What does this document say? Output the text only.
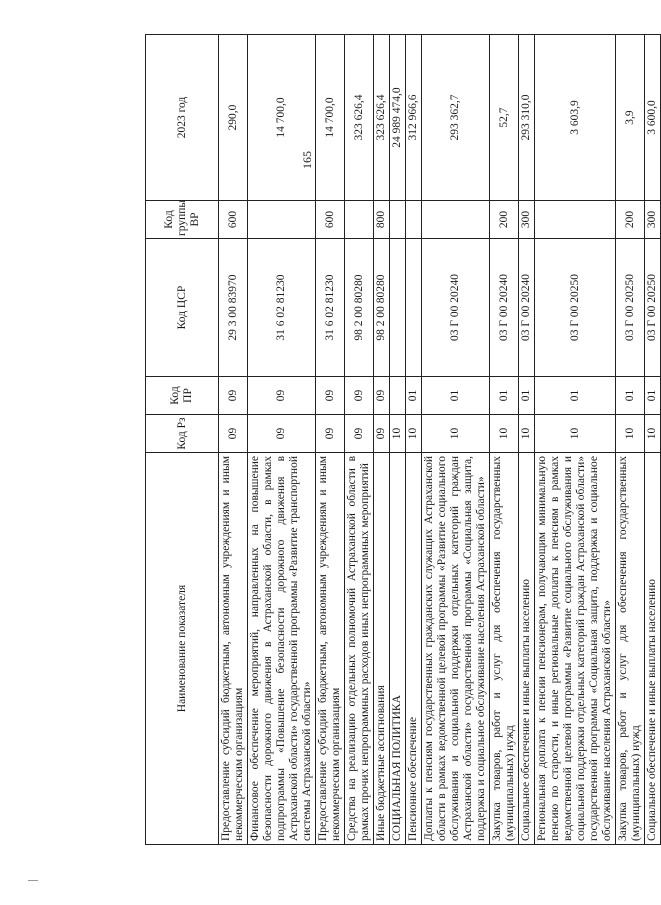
165
Наименование показателя	Код Рз	Код ПР	Код ЦСР	Код группы ВР	2023 год
Предоставление субсидий бюджетным, автономным учреждениям и иным некоммерческим организациям	09	09	29 3 00 83970	600	290,0
Финансовое обеспечение мероприятий, направленных на повышение безопасности дорожного движения в Астраханской области, в рамках подпрограммы «Повышение безопасности дорожного движения в Астраханской области» государственной программы «Развитие транспортной системы Астраханской области»	09	09	31 6 02 81230		14 700,0
Предоставление субсидий бюджетным, автономным учреждениям и иным некоммерческим организациям	09	09	31 6 02 81230	600	14 700,0
Средства на реализацию отдельных полномочий Астраханской области в рамках прочих непрограммных расходов иных непрограммных мероприятий	09	09	98 2 00 80280		323 626,4
Иные бюджетные ассигнования	09	09	98 2 00 80280	800	323 626,4
СОЦИАЛЬНАЯ ПОЛИТИКА	10				24 989 474,0
Пенсионное обеспечение	10	01			312 966,6
Доплаты к пенсиям государственных гражданских служащих Астраханской области в рамках ведомственной целевой программы «Развитие социального обслуживания и социальной поддержки отдельных категорий граждан Астраханской области» государственной программы «Социальная защита, поддержка и социальное обслуживание населения Астраханской области»	10	01	03 Г 00 20240		293 362,7
Закупка товаров, работ и услуг для обеспечения государственных (муниципальных) нужд	10	01	03 Г 00 20240	200	52,7
Социальное обеспечение и иные выплаты населению	10	01	03 Г 00 20240	300	293 310,0
Региональная доплата к пенсии пенсионерам, получающим минимальную пенсию по старости, и иные региональные доплаты к пенсиям в рамках ведомственной целевой программы «Развитие социального обслуживания и социальной поддержки отдельных категорий граждан Астраханской области» государственной программы «Социальная защита, поддержка и социальное обслуживание населения Астраханской области»	10	01	03 Г 00 20250		3 603,9
Закупка товаров, работ и услуг для обеспечения государственных (муниципальных) нужд	10	01	03 Г 00 20250	200	3,9
Социальное обеспечение и иные выплаты населению	10	01	03 Г 00 20250	300	3 600,0
